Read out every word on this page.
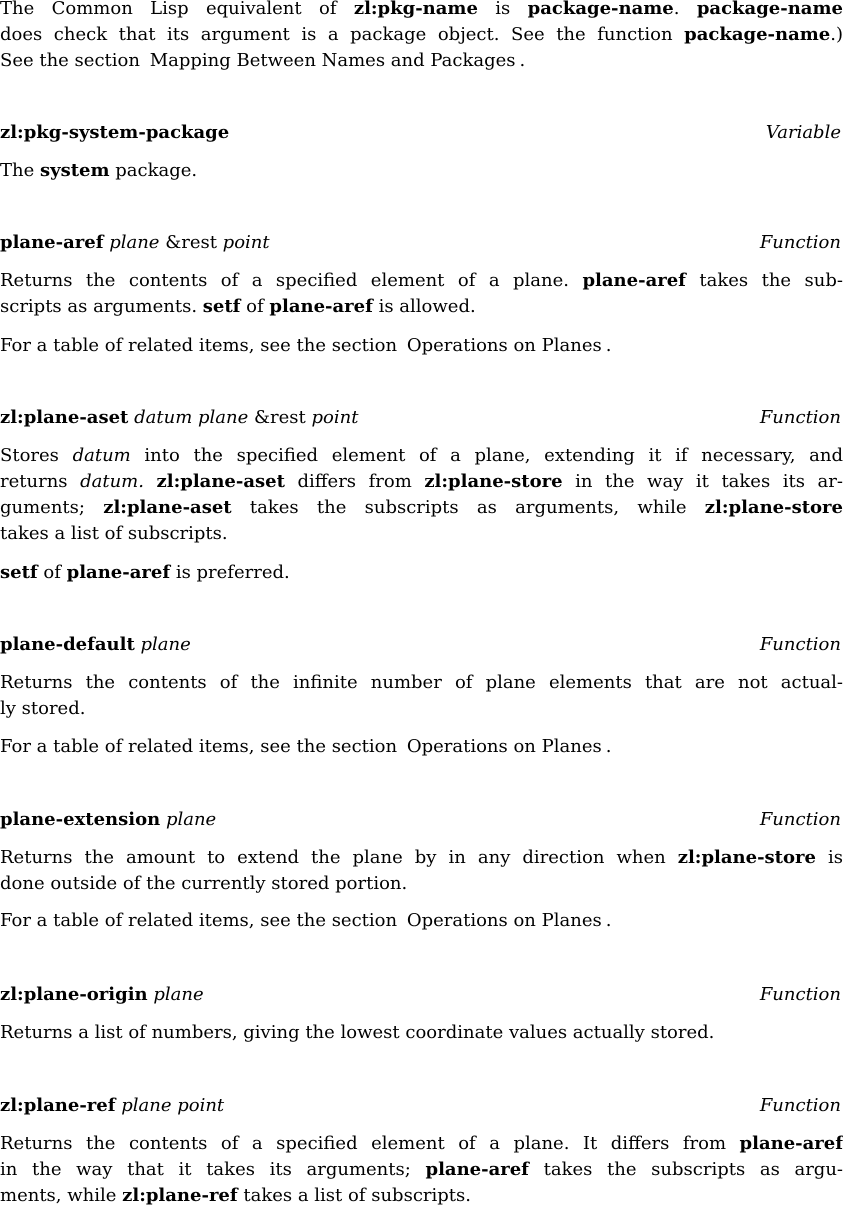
The Common Lisp equivalent of zl:pkg-name is package-name. package-name
does check that its argument is a package object. See the function package-name.)
See the section Mapping Between Names and Packages .
zl:pkg-system-package	Variable
The system package.
plane-aref plane &rest point	Function
Returns the contents of a specified element of a plane. plane-aref takes the sub-
scripts as arguments. setf of plane-aref is allowed.
For a table of related items, see the section Operations on Planes .
zl:plane-aset datum plane &rest point	Function
Stores datum into the specified element of a plane, extending it if necessary, and
returns datum. zl:plane-aset differs from zl:plane-store in the way it takes its ar-
guments; zl:plane-aset takes the subscripts as arguments, while zl:plane-store
takes a list of subscripts.
setf of plane-aref is preferred.
plane-default plane	Function
Returns the contents of the infinite number of plane elements that are not actual-
ly stored.
For a table of related items, see the section Operations on Planes .
plane-extension plane	Function
Returns the amount to extend the plane by in any direction when zl:plane-store is
done outside of the currently stored portion.
For a table of related items, see the section Operations on Planes .
zl:plane-origin plane	Function
Returns a list of numbers, giving the lowest coordinate values actually stored.
zl:plane-ref plane point	Function
Returns the contents of a specified element of a plane. It differs from plane-aref
in the way that it takes its arguments; plane-aref takes the subscripts as argu-
ments, while zl:plane-ref takes a list of subscripts.
